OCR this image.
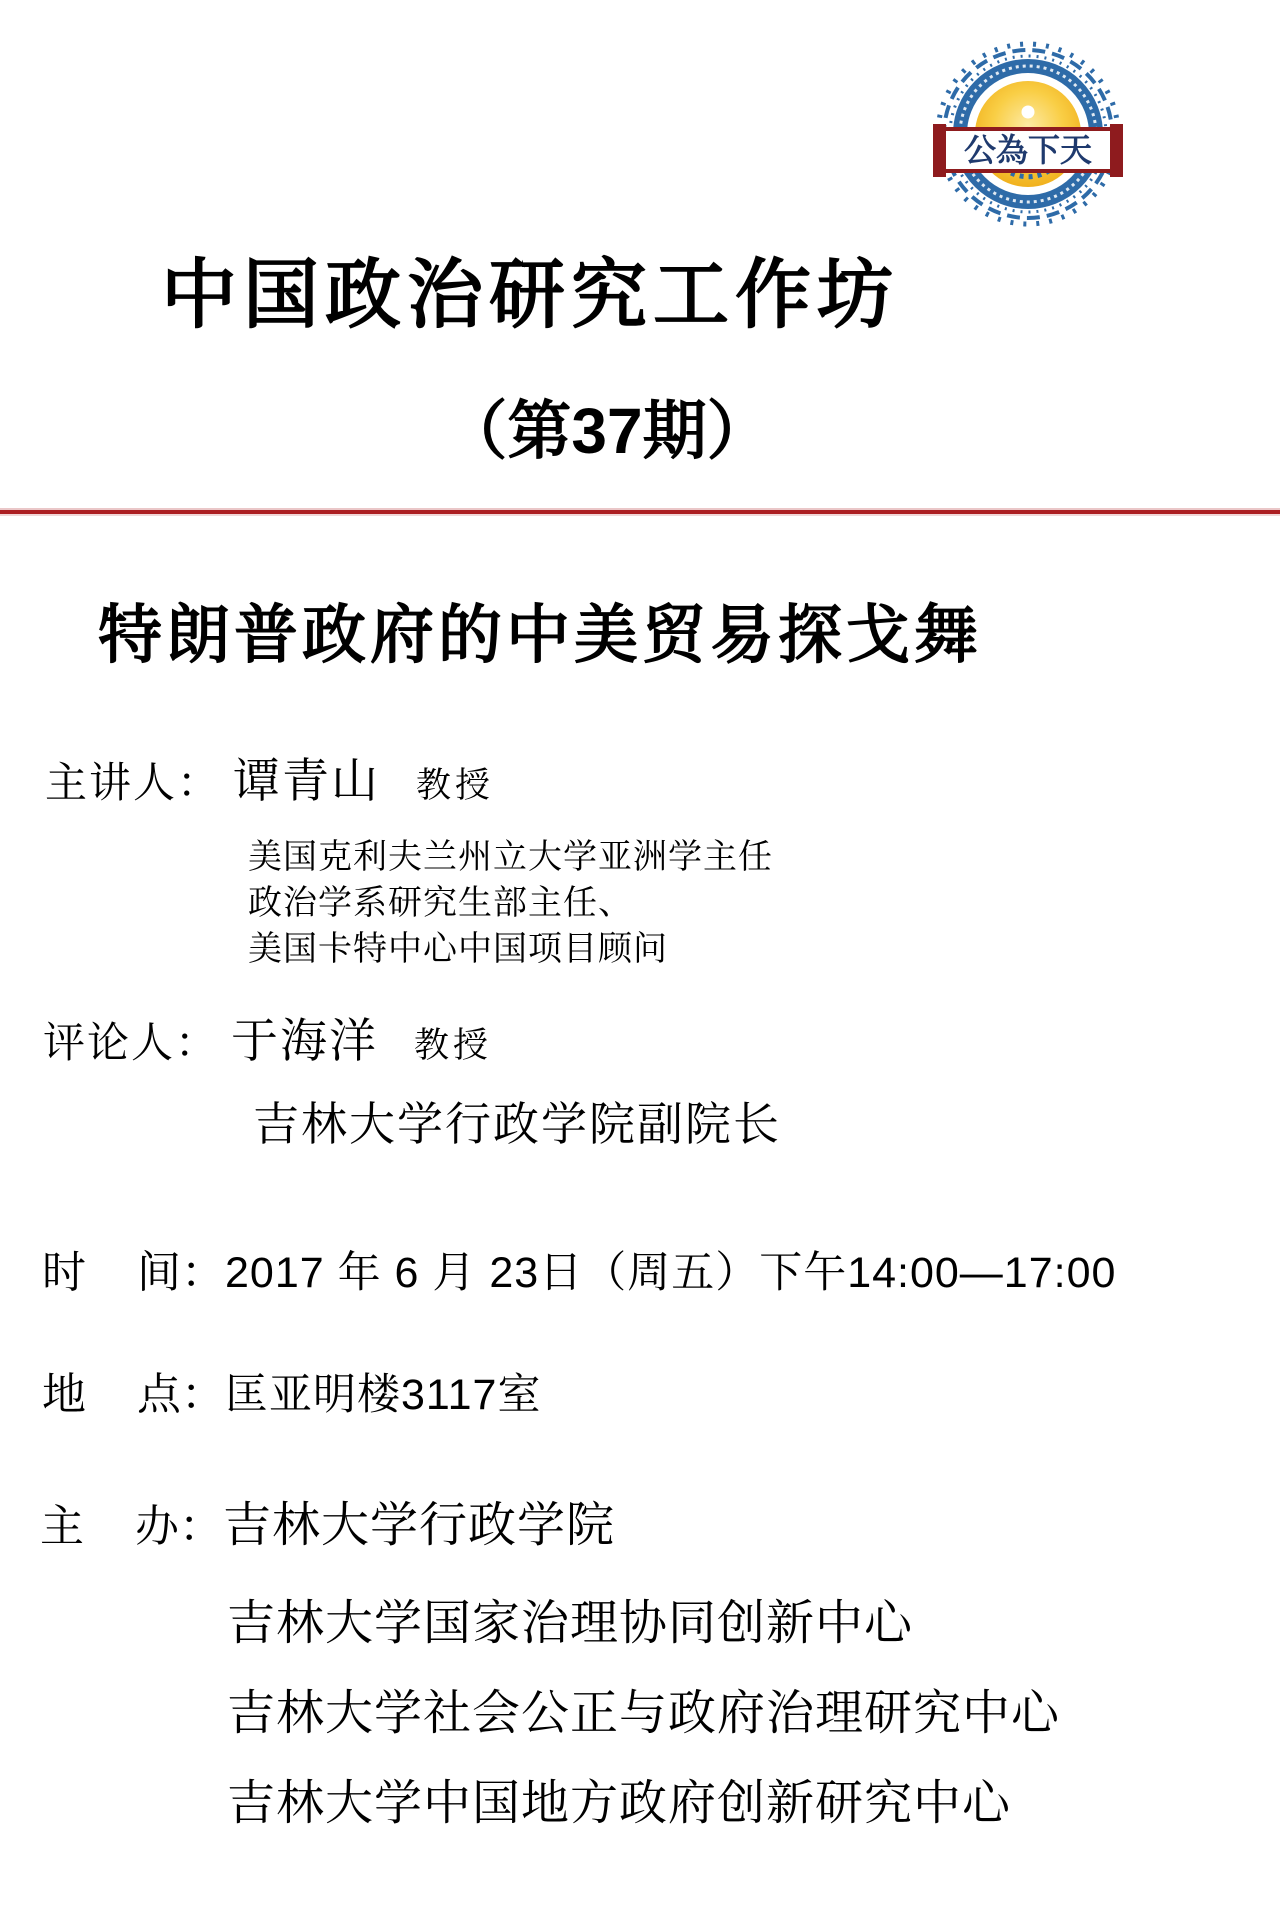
公為下天
中国政治研究工作坊
（第37期）
特朗普政府的中美贸易探戈舞
主讲人： 谭青山 教授
美国克利夫兰州立大学亚洲学主任
政治学系研究生部主任、
美国卡特中心中国项目顾问
评论人： 于海洋 教授
吉林大学行政学院副院长
时 间： 2017 年 6 月 23日（周五）下午14:00—17:00
地 点： 匡亚明楼3117室
主 办： 吉林大学行政学院
吉林大学国家治理协同创新中心
吉林大学社会公正与政府治理研究中心
吉林大学中国地方政府创新研究中心
